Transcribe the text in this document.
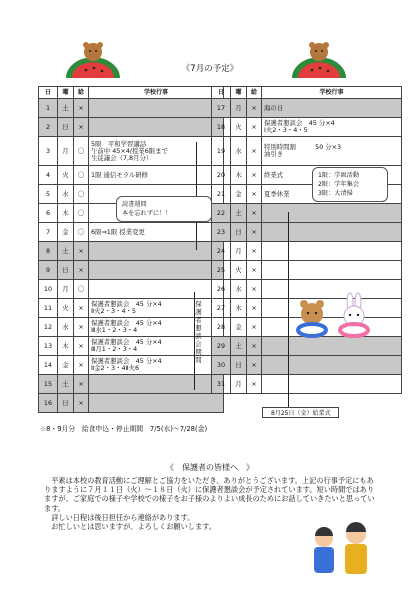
《7月の予定》
日	曜	給	学校行事
1	土	×	
2	日	×	
3	月	〇	5限　平和学習講話
午前中 45×4/授業6限まで
生徒議会（7,8月分）
4	火	〇	1限 通信モラル研修
5	水	〇	
6	木	〇	
7	金	〇	6限⇒1限 授業変更
8	土	×	
9	日	×	
10	月	〇	
11	火	×	保護者懇談会　45 分×4
Ⅱ火2・3・4・5
12	水	×	保護者懇談会　45 分×4
Ⅲ水1・2・3・4
13	木	×	保護者懇談会　45 分×4
Ⅲ月1・2・3・4
14	金	×	保護者懇談会　45 分×4
Ⅱ金2・3・4Ⅱ火6
15	土	×	
16	日	×	
日	曜	給	学校行事
17	月	×	海の日
18	火	×	保護者懇談会　45 分×4
Ⅰ火2・3・4・5
19	水	×	特別時間割　　　50 分×3
油引き
20	木	×	終業式
21	金	×	夏季休業
22	土	×	
23	日	×	
24	月	×	
25	火	×	
26	水	×	
27	木	×	
28	金	×	
29	土	×	
30	日	×	
31	月	×	
保護者懇談会期間
読書週間
本を忘れずに！！
1限：学級活動
2限：学年集会
3限：大清掃
8月25日（金）始業式
☆8・9月分　給食申込・停止期間　7/5(水)〜7/28(金)
《　保護者の皆様へ　》
　平素は本校の教育活動にご理解とご協力をいただき、ありがとうございます。上記の行事予定にもありますように７月１１日（火）〜１８日（火）に保護者懇談会が予定されています。短い時間ではありますが、ご家庭での様子や学校での様子をお子様のよりよい成長のためにお話していきたいと思っています。
　詳しい日程は後日担任から連絡があります。
　お忙しいとは思いますが、よろしくお願いします。
